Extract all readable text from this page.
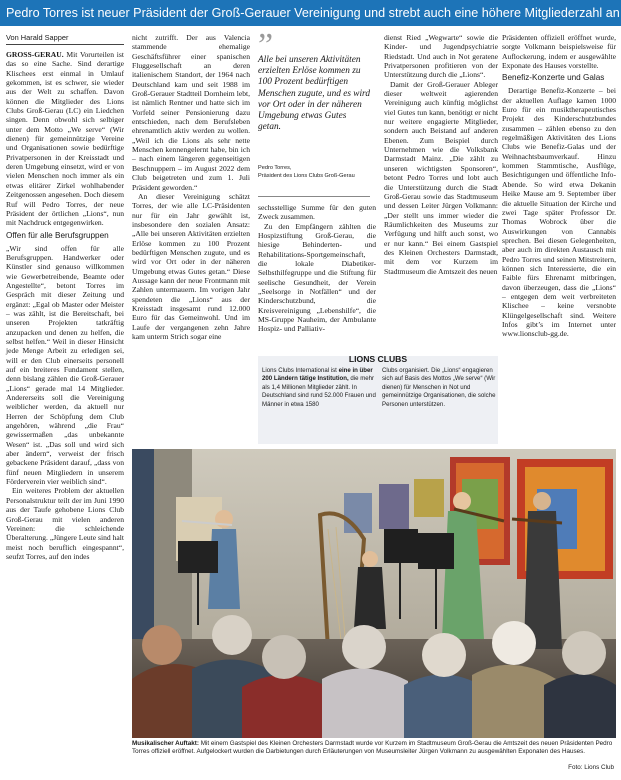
Pedro Torres ist neuer Präsident der Groß-Gerauer Vereinigung und strebt auch eine höhere Mitgliederzahl an
Von Harald Sapper

GROSS-GERAU. Mit Vorurteilen ist das so eine Sache. Sind derartige Klischees erst einmal in Umlauf gekommen, ist es schwer, sie wieder aus der Welt zu schaffen. Davon können die Mitglieder des Lions Clubs Groß-Gerau (LC) ein Liedchen singen. Denn obwohl sich selbiger unter dem Motto „We serve“ (Wir dienen) für gemeinnützige Vereine und Organisationen sowie bedürftige Privatpersonen in der Kreisstadt und deren Umgebung einsetzt, wird er von vielen Menschen noch immer als ein etwas elitärer Zirkel wohlhabender Zeitgenossen angesehen. Doch diesem Ruf will Pedro Torres, der neue Präsident der örtlichen „Lions“, nun mit Nachdruck entgegenwirken.

Offen für alle Berufsgruppen

„Wir sind offen für alle Berufsgruppen. Handwerker oder Künstler sind genauso willkommen wie Gewerbetreibende, Beamte oder Angestellte“, betont Torres im Gespräch mit dieser Zeitung und ergänzt: „Egal ob Master oder Meister – was zählt, ist die Bereitschaft, bei unseren Projekten tatkräftig anzupacken und denen zu helfen, die selbst helfen.“ Weil in dieser Hinsicht jede Menge Arbeit zu erledigen sei, will er den Club einerseits personell auf ein breiteres Fundament stellen, denn bislang zählen die Groß-Gerauer „Lions“ gerade mal 14 Mitglieder. Andererseits soll die Vereinigung weiblicher werden, da aktuell nur Herren der Schöpfung dem Club angehören, während „die Frau“ gewissermaßen „das unbekannte Wesen“ ist. „Das soll und wird sich aber ändern“, verweist der frisch gebackene Präsident darauf, „dass von fünf neuen Mitgliedern in unserem Förderverein vier weiblich sind“.

Ein weiteres Problem der aktuellen Personalstruktur teilt der im Juni 1990 aus der Taufe gehobene Lions Club Groß-Gerau mit vielen anderen Vereinen: die schleichende Überalterung. „Jüngere Leute sind halt meist noch beruflich eingespannt“, seufzt Torres, auf den indes

nicht zutrifft. Der aus Valencia stammende ehemalige Geschäftsführer einer spanischen Fluggesellschaft an deren italienischem Standort, der 1964 nach Deutschland kam und seit 1988 im Groß-Gerauer Stadtteil Dornheim lebt, ist nämlich Rentner und hatte sich im Vorfeld seiner Pensionierung dazu entschieden, nach dem Berufsleben ehrenamtlich aktiv werden zu wollen. „Weil ich die Lions als sehr nette Menschen kennengelernt habe, bin ich – nach einem längeren gegenseitigen Beschnuppern – im August 2022 dem Club beigetreten und zum 1. Juli Präsident geworden.“

An dieser Vereinigung schätzt Torres, der wie alle LC-Präsidenten nur für ein Jahr gewählt ist, insbesondere den sozialen Ansatz: „Alle bei unseren Aktivitäten erzielten Erlöse kommen zu 100 Prozent bedürftigen Menschen zugute, und es wird vor Ort oder in der näheren Umgebung etwas Gutes getan.“ Diese Aussage kann der neue Frontmann mit Zahlen untermauern. Im vorigen Jahr spendeten die „Lions“ aus der Kreisstadt insgesamt rund 12.000 Euro für das Gemeinwohl. Und im Laufe der vergangenen zehn Jahre kam unterm Strich sogar eine

”
Alle bei unseren Aktivitäten erzielten Erlöse kommen zu 100 Prozent bedürftigen Menschen zugute, und es wird vor Ort oder in der näheren Umgebung etwas Gutes getan.
Pedro Torres,
Präsident des Lions Clubs Groß-Gerau

sechsstellige Summe für den guten Zweck zusammen.

Zu den Empfängern zählten die Hospizstiftung Groß-Gerau, die hiesige Behinderten- und Rehabilitations-Sportgemeinschaft, die lokale Diabetiker-Selbsthilfegruppe und die Stiftung für seelische Gesundheit, der Verein „Seelsorge in Notfällen“ und der Kinderschutzbund, die Kreisvereinigung „Lebenshilfe“, die MS-Gruppe Nauheim, der Ambulante Hospiz- und Palliativ-

dienst Ried „Wegwarte“ sowie die Kinder- und Jugendpsychiatrie Riedstadt. Und auch in Not geratene Privatpersonen profitieren von der Unterstützung durch die „Lions“.

Damit der Groß-Gerauer Ableger dieser weltweit agierenden Vereinigung auch künftig möglichst viel Gutes tun kann, benötigt er nicht nur weitere engagierte Mitglieder, sondern auch Beistand auf anderen Ebenen. Zum Beispiel durch Unternehmen wie die Volksbank Darmstadt Mainz. „Die zählt zu unseren wichtigsten Sponsoren“, betont Pedro Torres und lobt auch die Unterstützung durch die Stadt Groß-Gerau sowie das Stadtmuseum und dessen Leiter Jürgen Volkmann: „Der stellt uns immer wieder die Räumlichkeiten des Museums zur Verfügung und hilft auch sonst, wo er nur kann.“ Bei einem Gastspiel des Kleinen Orchesters Darmstadt, mit dem vor Kurzem im Stadtmuseum die Amtszeit des neuen

Präsidenten offiziell eröffnet wurde, sorgte Volkmann beispielsweise für Auflockerung, indem er ausgewählte Exponate des Hauses vorstellte.

Benefiz-Konzerte und Galas

Derartige Benefiz-Konzerte – bei der aktuellen Auflage kamen 1000 Euro für ein musiktherapeutisches Projekt des Kinderschutzbundes zusammen – zählen ebenso zu den regelmäßigen Aktivitäten des Lions Clubs wie Benefiz-Galas und der Weihnachtsbaumverkauf. Hinzu kommen Stammtische, Ausflüge, Besichtigungen und öffentliche Info-Abende. So wird etwa Dekanin Heike Mause am 9. September über die aktuelle Situation der Kirche und zwei Tage später Professor Dr. Thomas Wobrock über die Auswirkungen von Cannabis sprechen. Bei diesen Gelegenheiten, aber auch im direkten Austausch mit Pedro Torres und seinen Mitstreitern, können sich Interessierte, die ein Faible fürs Ehrenamt mitbringen, davon überzeugen, dass die „Lions“ – entgegen dem weit verbreiteten Klischee – keine versnobte Klüngelgesellschaft sind. Weitere Infos gibt’s im Internet unter www.lionsclub-gg.de.

LIONS CLUBS
Lions Clubs International ist eine in über 200 Ländern tätige Institution, die mehr als 1,4 Millionen Mitglieder zählt. In Deutschland sind rund 52.000 Frauen und Männer in etwa 1580
Clubs organisiert. Die „Lions“ engagieren sich auf Basis des Mottos „We serve“ (Wir dienen) für Menschen in Not und gemeinnützige Organisationen, die solche Personen unterstützen.
Musikalischer Auftakt: Mit einem Gastspiel des Kleinen Orchesters Darmstadt wurde vor Kurzem im Stadtmuseum Groß-Gerau die Amtszeit des neuen Präsidenten Pedro Torres offiziell eröffnet. Aufgelockert wurden die Darbietungen durch Erläuterungen von Museumsleiter Jürgen Volkmann zu ausgewählten Exponaten des Hauses.
Foto: Lions Club
